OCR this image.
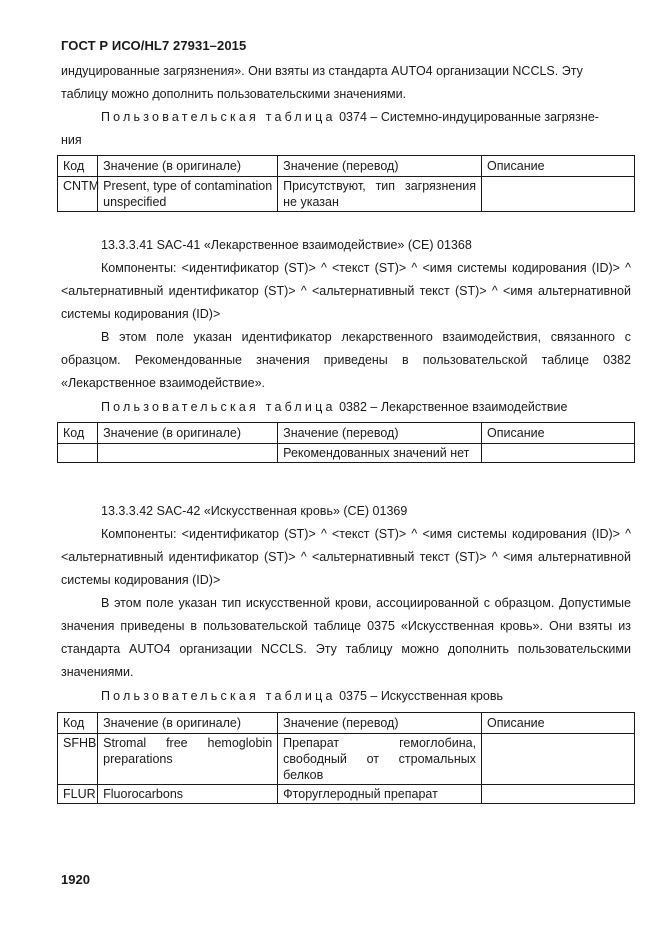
ГОСТ Р ИСО/HL7 27931–2015

индуцированные загрязнения». Они взяты из стандарта AUTO4 организации NCCLS. Эту

таблицу можно дополнить пользовательскими значениями.

Пользовательская таблица 0374 – Системно-индуцированные загрязне-
ния
Код	Значение (в оригинале)	Значение (перевод)	Описание
CNTM	Present, type of contamination unspecified	Присутствуют, тип загрязнения не указан	

13.3.3.41 SAC-41 «Лекарственное взаимодействие» (CE) 01368

Компоненты: <идентификатор (ST)> ^ <текст (ST)> ^ <имя системы кодирования (ID)> ^ <альтернативный идентификатор (ST)> ^ <альтернативный текст (ST)> ^ <имя альтернативной системы кодирования (ID)>

В этом поле указан идентификатор лекарственного взаимодействия, связанного с образцом. Рекомендованные значения приведены в пользовательской таблице 0382 «Лекарственное взаимодействие».

Пользовательская таблица 0382 – Лекарственное взаимодействие
Код	Значение (в оригинале)	Значение (перевод)	Описание
		Рекомендованных значений нет	

13.3.3.42 SAC-42 «Искусственная кровь» (CE) 01369

Компоненты: <идентификатор (ST)> ^ <текст (ST)> ^ <имя системы кодирования (ID)> ^ <альтернативный идентификатор (ST)> ^ <альтернативный текст (ST)> ^ <имя альтернативной системы кодирования (ID)>

В этом поле указан тип искусственной крови, ассоциированной с образцом. Допустимые значения приведены в пользовательской таблице 0375 «Искусственная кровь». Они взяты из стандарта AUTO4 организации NCCLS. Эту таблицу можно дополнить пользовательскими значениями.

Пользовательская таблица 0375 – Искусственная кровь
Код	Значение (в оригинале)	Значение (перевод)	Описание
SFHB	Stromal free hemoglobin preparations	Препарат гемоглобина, свободный от стромальных белков	
FLUR	Fluorocarbons	Фторуглеродный препарат	
1920
